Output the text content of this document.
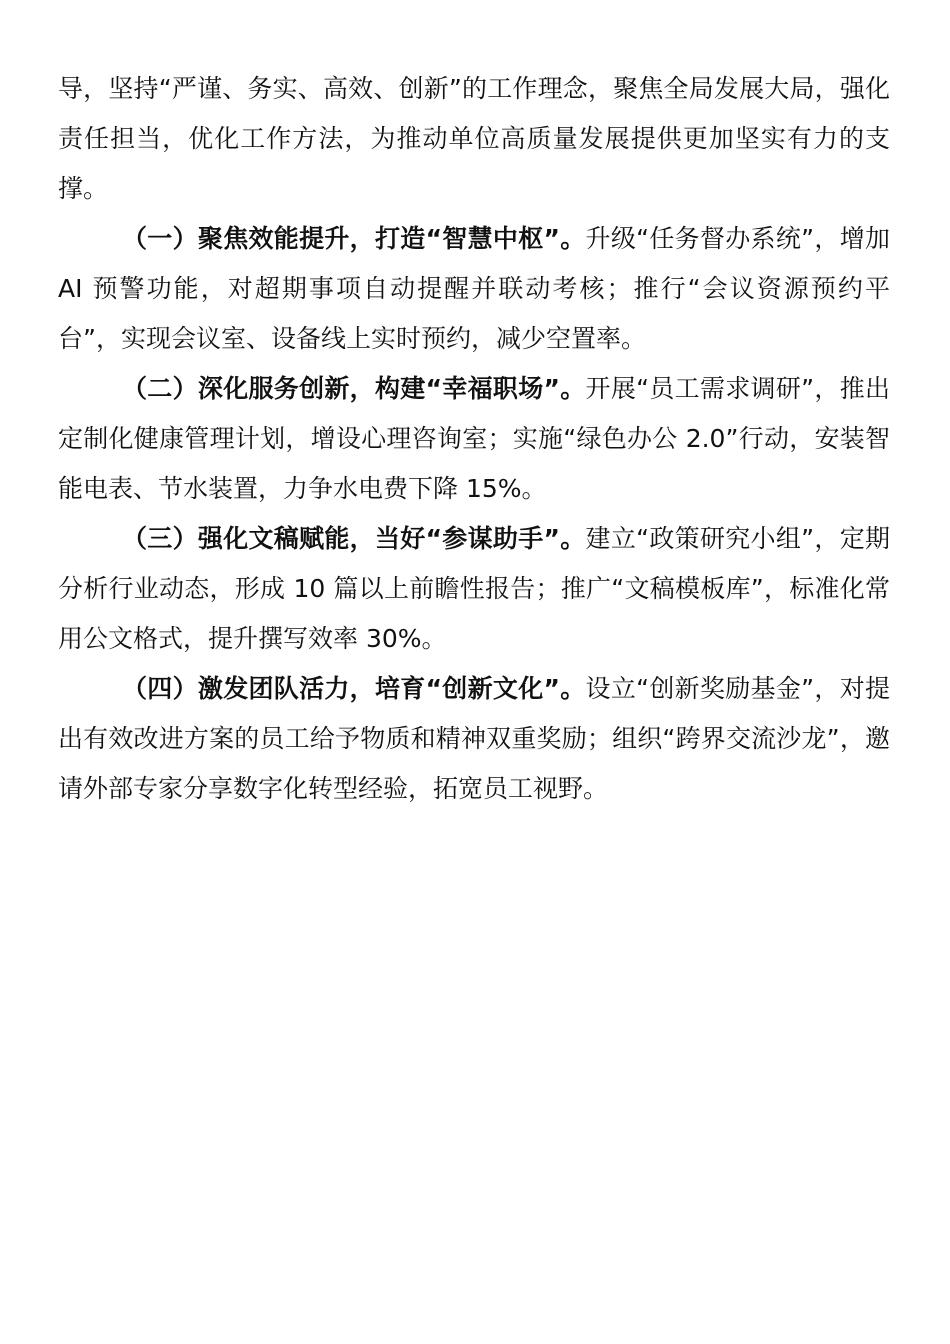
导，坚持“严谨、务实、高效、创新”的工作理念，聚焦全局发展大局，强化责任担当，优化工作方法，为推动单位高质量发展提供更加坚实有力的支撑。

（一）聚焦效能提升，打造“智慧中枢”。升级“任务督办系统”，增加 AI 预警功能，对超期事项自动提醒并联动考核；推行“会议资源预约平台”，实现会议室、设备线上实时预约，减少空置率。

（二）深化服务创新，构建“幸福职场”。开展“员工需求调研”，推出定制化健康管理计划，增设心理咨询室；实施“绿色办公 2.0”行动，安装智能电表、节水装置，力争水电费下降 15%。

（三）强化文稿赋能，当好“参谋助手”。建立“政策研究小组”，定期分析行业动态，形成 10 篇以上前瞻性报告；推广“文稿模板库”，标准化常用公文格式，提升撰写效率 30%。

（四）激发团队活力，培育“创新文化”。设立“创新奖励基金”，对提出有效改进方案的员工给予物质和精神双重奖励；组织“跨界交流沙龙”，邀请外部专家分享数字化转型经验，拓宽员工视野。
